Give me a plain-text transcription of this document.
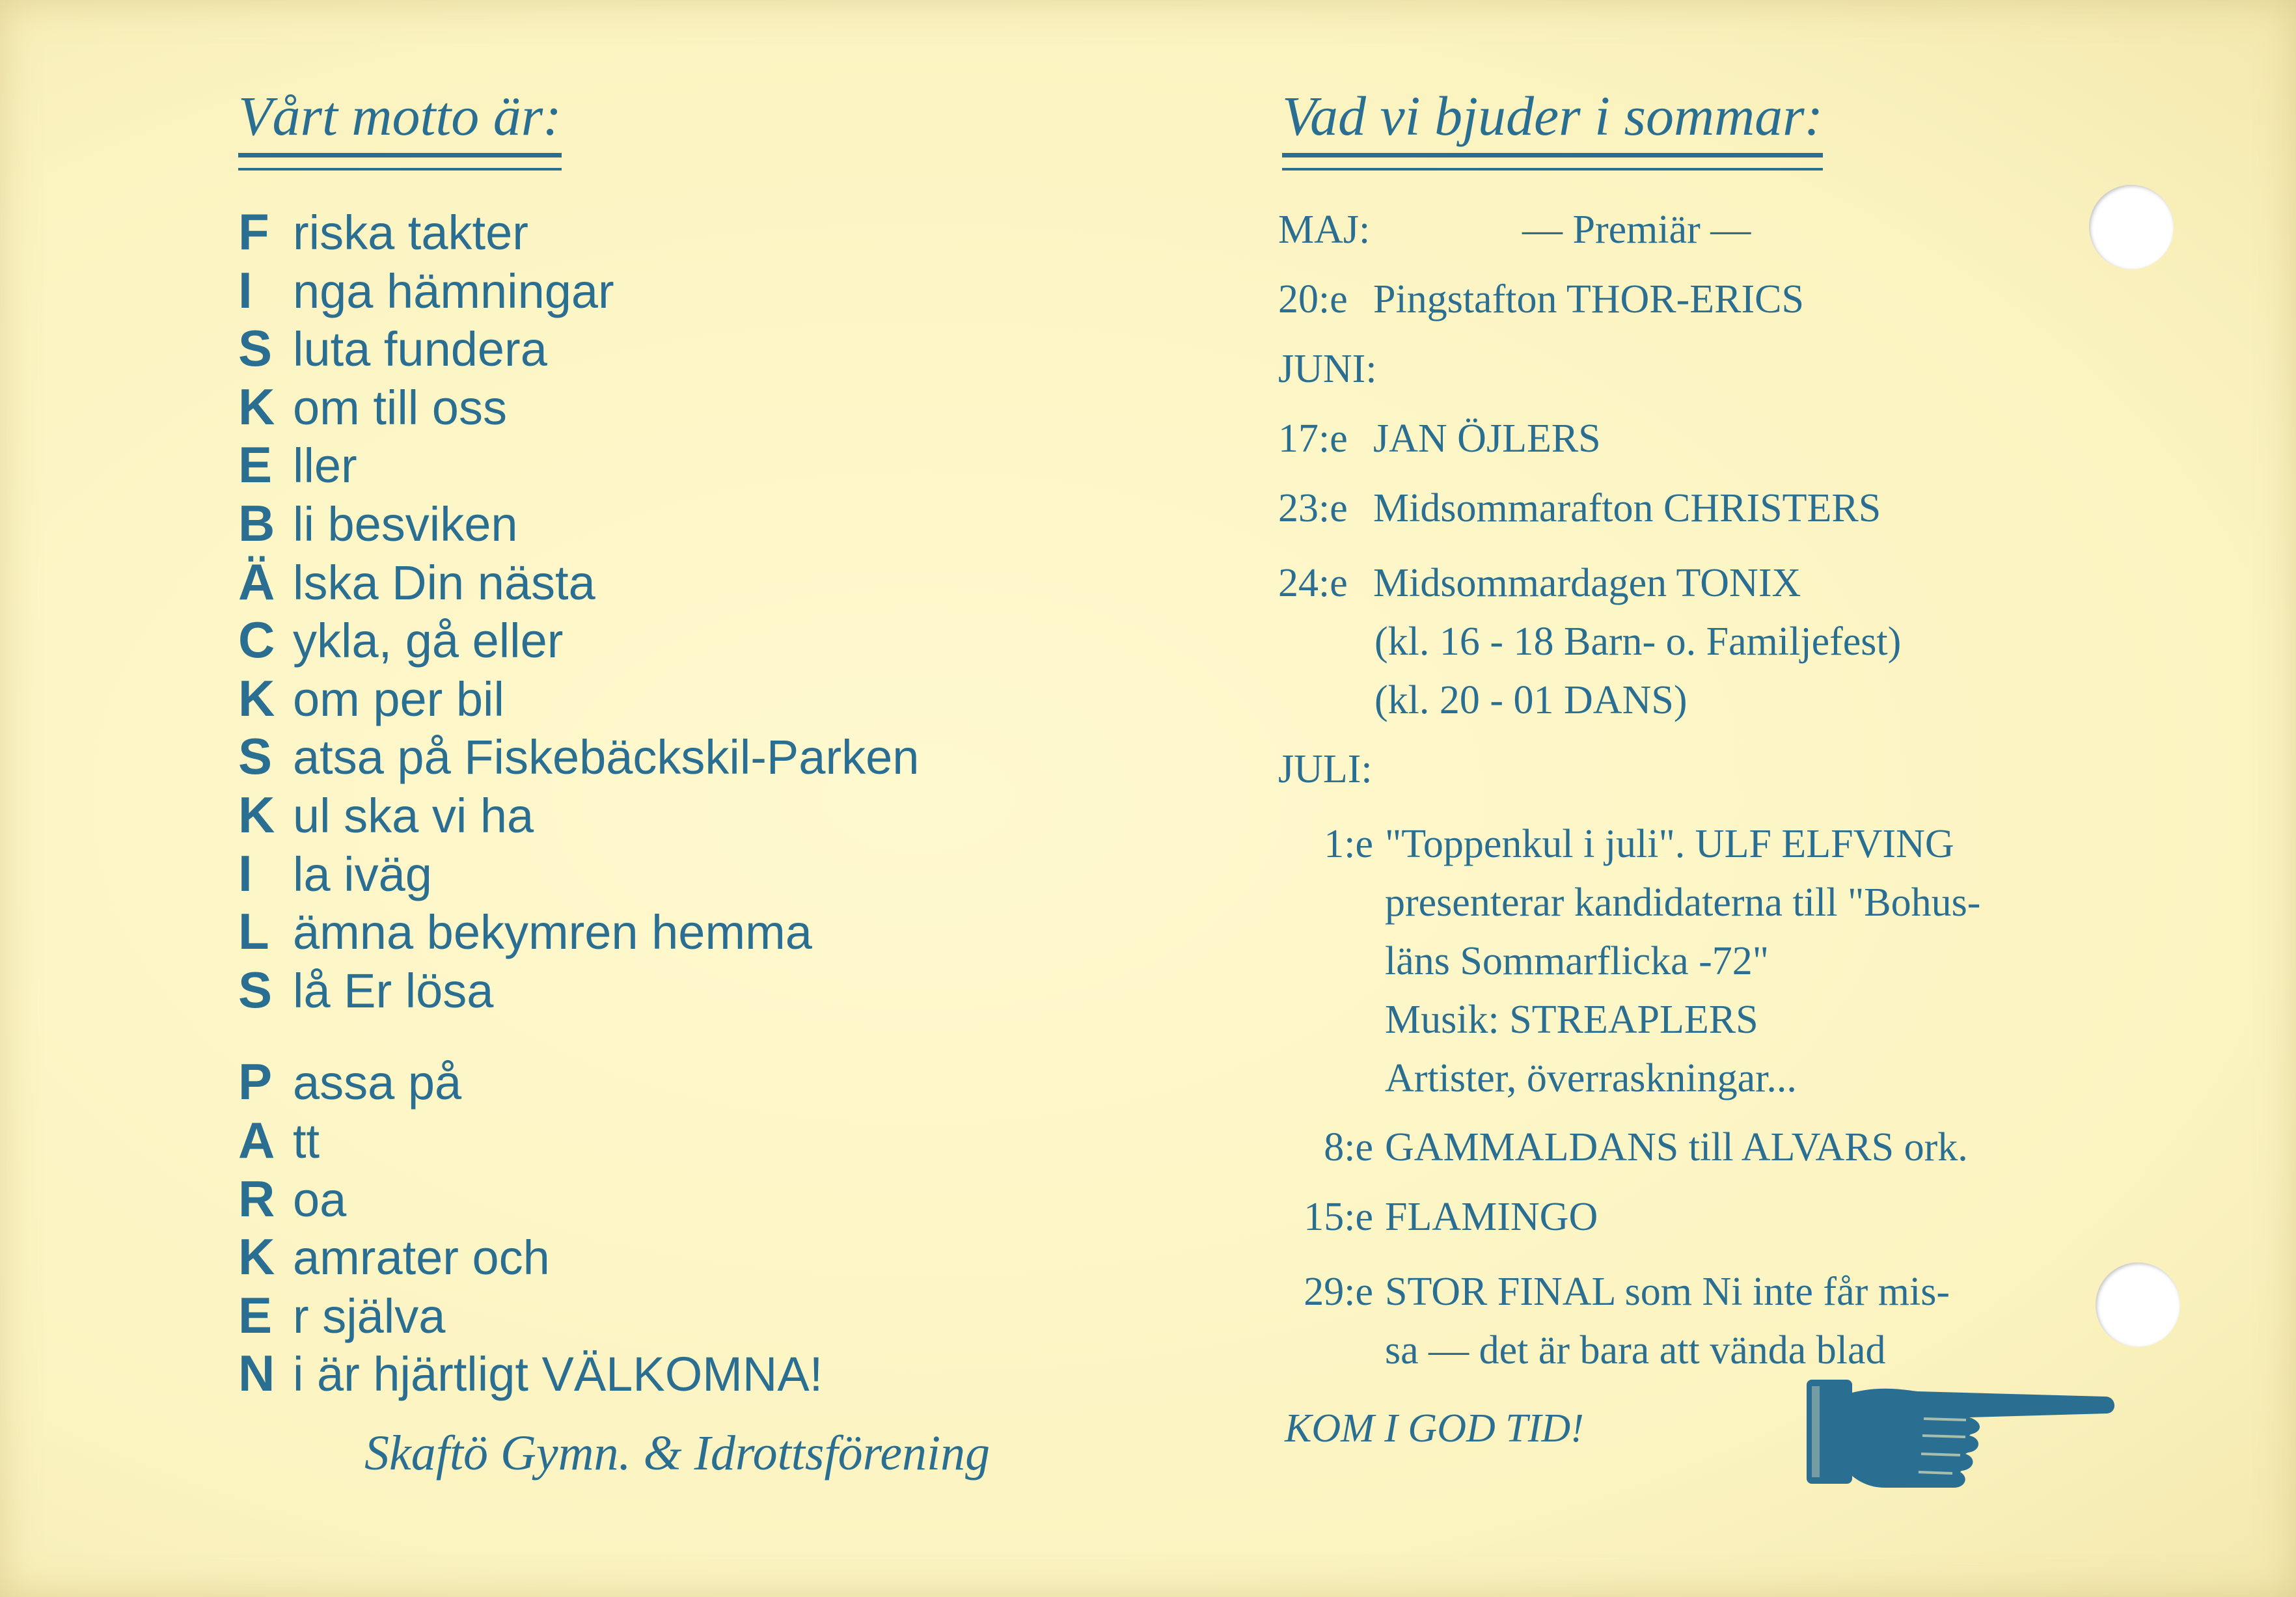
Vårt motto är:
F riska takter
I nga hämningar
S luta fundera
K om till oss
E ller
B li besviken
Ä lska Din nästa
C ykla, gå eller
K om per bil
S atsa på Fiskebäckskil-Parken
K ul ska vi ha
I la iväg
L ämna bekymren hemma
S lå Er lösa
P assa på
A tt
R oa
K amrater och
E r själva
N i är hjärtligt VÄLKOMNA!
Skaftö Gymn. & Idrottsförening
Vad vi bjuder i sommar:
MAJ:	— Premiär —
20:e Pingstafton THOR-ERICS
JUNI:
17:e JAN ÖJLERS
23:e Midsommarafton CHRISTERS
24:e Midsommardagen TONIX
(kl. 16 - 18 Barn- o. Familjefest)
(kl. 20 - 01 DANS)
JULI:
1:e "Toppenkul i juli". ULF ELFVING
presenterar kandidaterna till "Bohus-
läns Sommarflicka -72"
Musik: STREAPLERS
Artister, överraskningar...
8:e GAMMALDANS till ALVARS ork.
15:e FLAMINGO
29:e STOR FINAL som Ni inte får mis-
sa — det är bara att vända blad
KOM I GOD TID!
